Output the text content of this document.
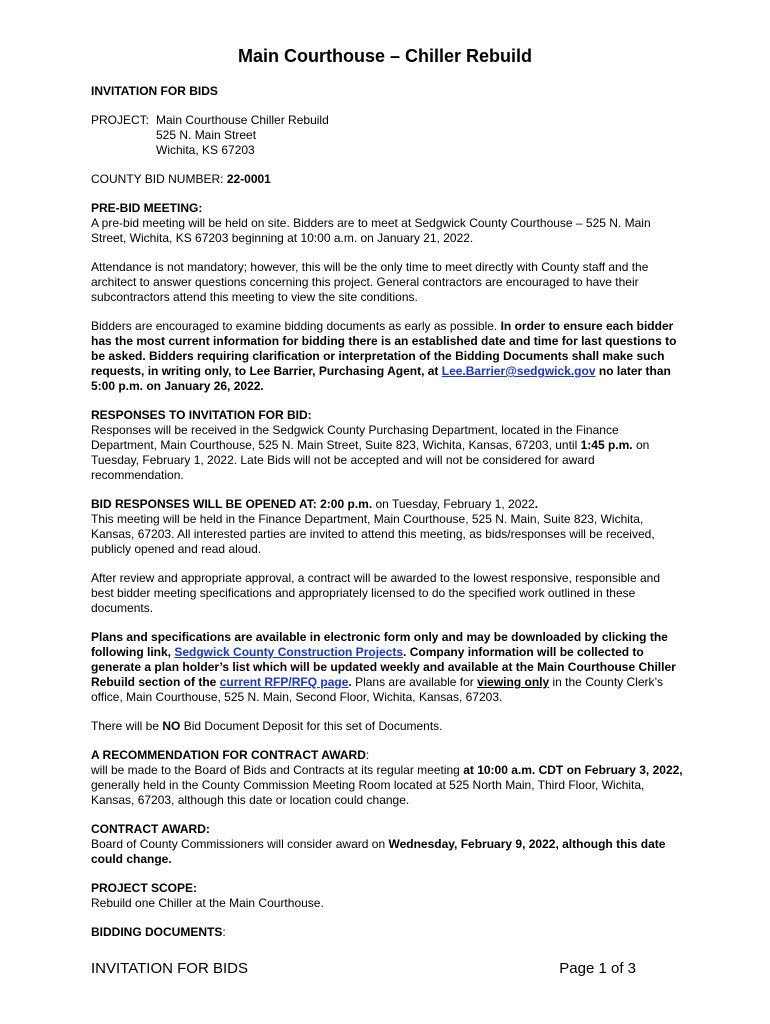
Main Courthouse – Chiller Rebuild

INVITATION FOR BIDS

PROJECT: Main Courthouse Chiller Rebuild
525 N. Main Street
Wichita, KS 67203

COUNTY BID NUMBER: 22-0001

PRE-BID MEETING:
A pre-bid meeting will be held on site. Bidders are to meet at Sedgwick County Courthouse – 525 N. Main Street, Wichita, KS 67203 beginning at 10:00 a.m. on January 21, 2022.

Attendance is not mandatory; however, this will be the only time to meet directly with County staff and the architect to answer questions concerning this project. General contractors are encouraged to have their subcontractors attend this meeting to view the site conditions.

Bidders are encouraged to examine bidding documents as early as possible. In order to ensure each bidder has the most current information for bidding there is an established date and time for last questions to be asked. Bidders requiring clarification or interpretation of the Bidding Documents shall make such requests, in writing only, to Lee Barrier, Purchasing Agent, at Lee.Barrier@sedgwick.gov no later than 5:00 p.m. on January 26, 2022.

RESPONSES TO INVITATION FOR BID:
Responses will be received in the Sedgwick County Purchasing Department, located in the Finance Department, Main Courthouse, 525 N. Main Street, Suite 823, Wichita, Kansas, 67203, until 1:45 p.m. on Tuesday, February 1, 2022. Late Bids will not be accepted and will not be considered for award recommendation.

BID RESPONSES WILL BE OPENED AT: 2:00 p.m. on Tuesday, February 1, 2022.
This meeting will be held in the Finance Department, Main Courthouse, 525 N. Main, Suite 823, Wichita, Kansas, 67203. All interested parties are invited to attend this meeting, as bids/responses will be received, publicly opened and read aloud.

After review and appropriate approval, a contract will be awarded to the lowest responsive, responsible and best bidder meeting specifications and appropriately licensed to do the specified work outlined in these documents.

Plans and specifications are available in electronic form only and may be downloaded by clicking the following link, Sedgwick County Construction Projects. Company information will be collected to generate a plan holder’s list which will be updated weekly and available at the Main Courthouse Chiller Rebuild section of the current RFP/RFQ page. Plans are available for viewing only in the County Clerk’s office, Main Courthouse, 525 N. Main, Second Floor, Wichita, Kansas, 67203.

There will be NO Bid Document Deposit for this set of Documents.

A RECOMMENDATION FOR CONTRACT AWARD:
will be made to the Board of Bids and Contracts at its regular meeting at 10:00 a.m. CDT on February 3, 2022, generally held in the County Commission Meeting Room located at 525 North Main, Third Floor, Wichita, Kansas, 67203, although this date or location could change.

CONTRACT AWARD:
Board of County Commissioners will consider award on Wednesday, February 9, 2022, although this date could change.

PROJECT SCOPE:
Rebuild one Chiller at the Main Courthouse.

BIDDING DOCUMENTS:

INVITATION FOR BIDS	Page 1 of 3
